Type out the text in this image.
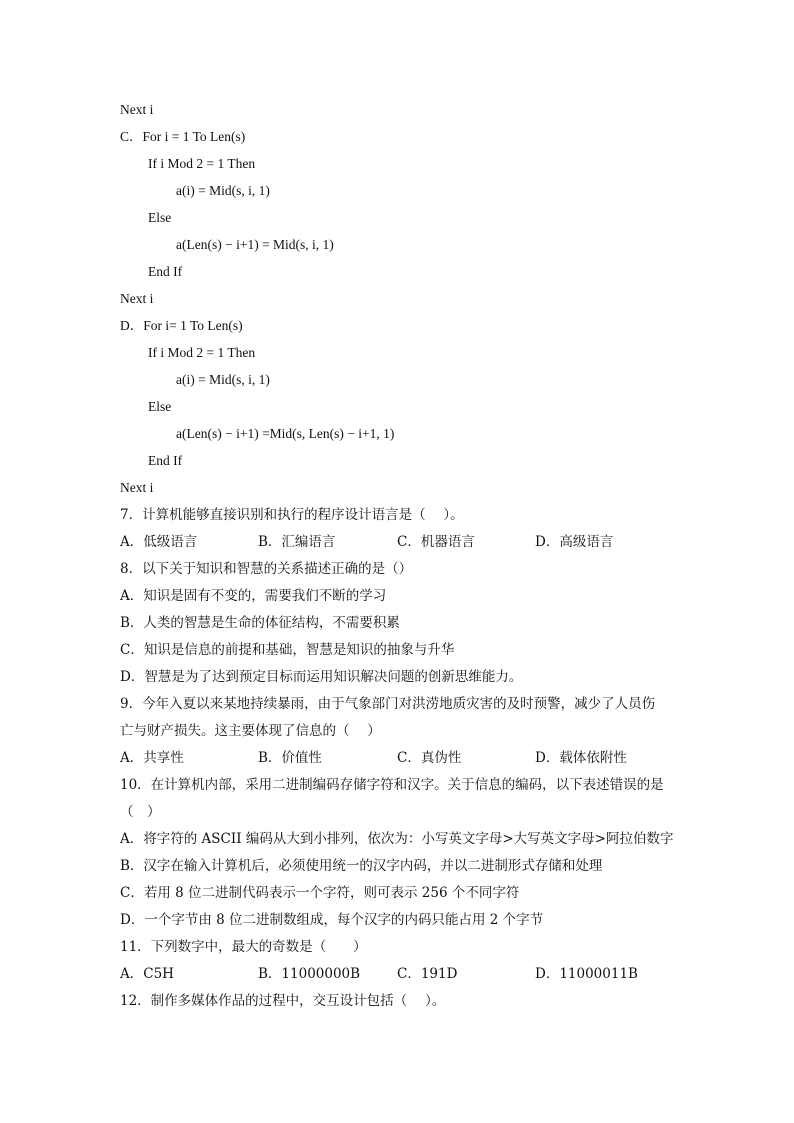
Next i
C．For i = 1 To Len(s)
If i Mod 2 = 1 Then
a(i) = Mid(s, i, 1)
Else
a(Len(s) − i+1) = Mid(s, i, 1)
End If
Next i
D．For i= 1 To Len(s)
If i Mod 2 = 1 Then
a(i) = Mid(s, i, 1)
Else
a(Len(s) − i+1) =Mid(s, Len(s) − i+1, 1)
End If
Next i
7．计算机能够直接识别和执行的程序设计语言是（　 ）。
A．低级语言	B．汇编语言	C．机器语言	D．高级语言
8．以下关于知识和智慧的关系描述正确的是（）
A．知识是固有不变的，需要我们不断的学习
B．人类的智慧是生命的体征结构，不需要积累
C．知识是信息的前提和基础，智慧是知识的抽象与升华
D．智慧是为了达到预定目标而运用知识解决问题的创新思维能力。
9．今年入夏以来某地持续暴雨，由于气象部门对洪涝地质灾害的及时预警，减少了人员伤
亡与财产损失。这主要体现了信息的（　 ）
A．共享性	B．价值性	C．真伪性	D．载体依附性
10．在计算机内部，采用二进制编码存储字符和汉字。关于信息的编码，以下表述错误的是
（　）
A．将字符的 ASCII 编码从大到小排列，依次为：小写英文字母>大写英文字母>阿拉伯数字
B．汉字在输入计算机后，必须使用统一的汉字内码，并以二进制形式存储和处理
C．若用 8 位二进制代码表示一个字符，则可表示 256 个不同字符
D．一个字节由 8 位二进制数组成，每个汉字的内码只能占用 2 个字节
11．下列数字中，最大的奇数是（　　）
A．C5H	B．11000000B	C．191D	D．11000011B
12．制作多媒体作品的过程中，交互设计包括（　 ）。
